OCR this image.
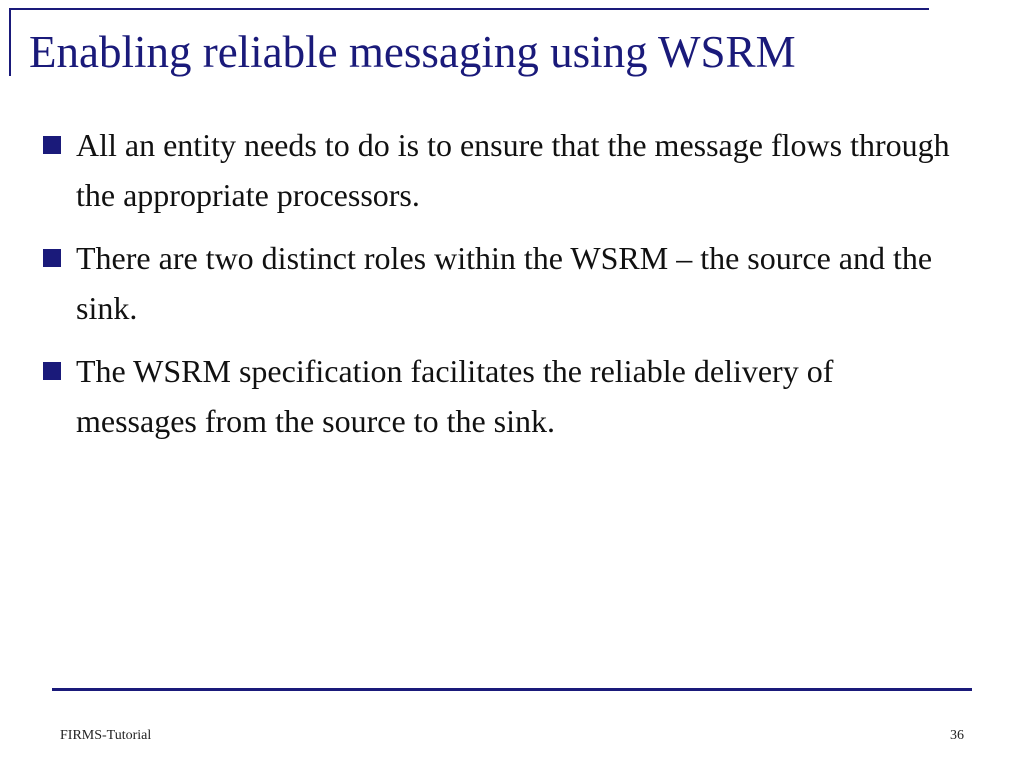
Enabling reliable messaging using WSRM
All an entity needs to do is to ensure that the message flows through the appropriate processors.
There are two distinct roles within the WSRM – the source and the sink.
The WSRM specification facilitates the reliable delivery of messages from the source to the sink.
FIRMS-Tutorial	36
